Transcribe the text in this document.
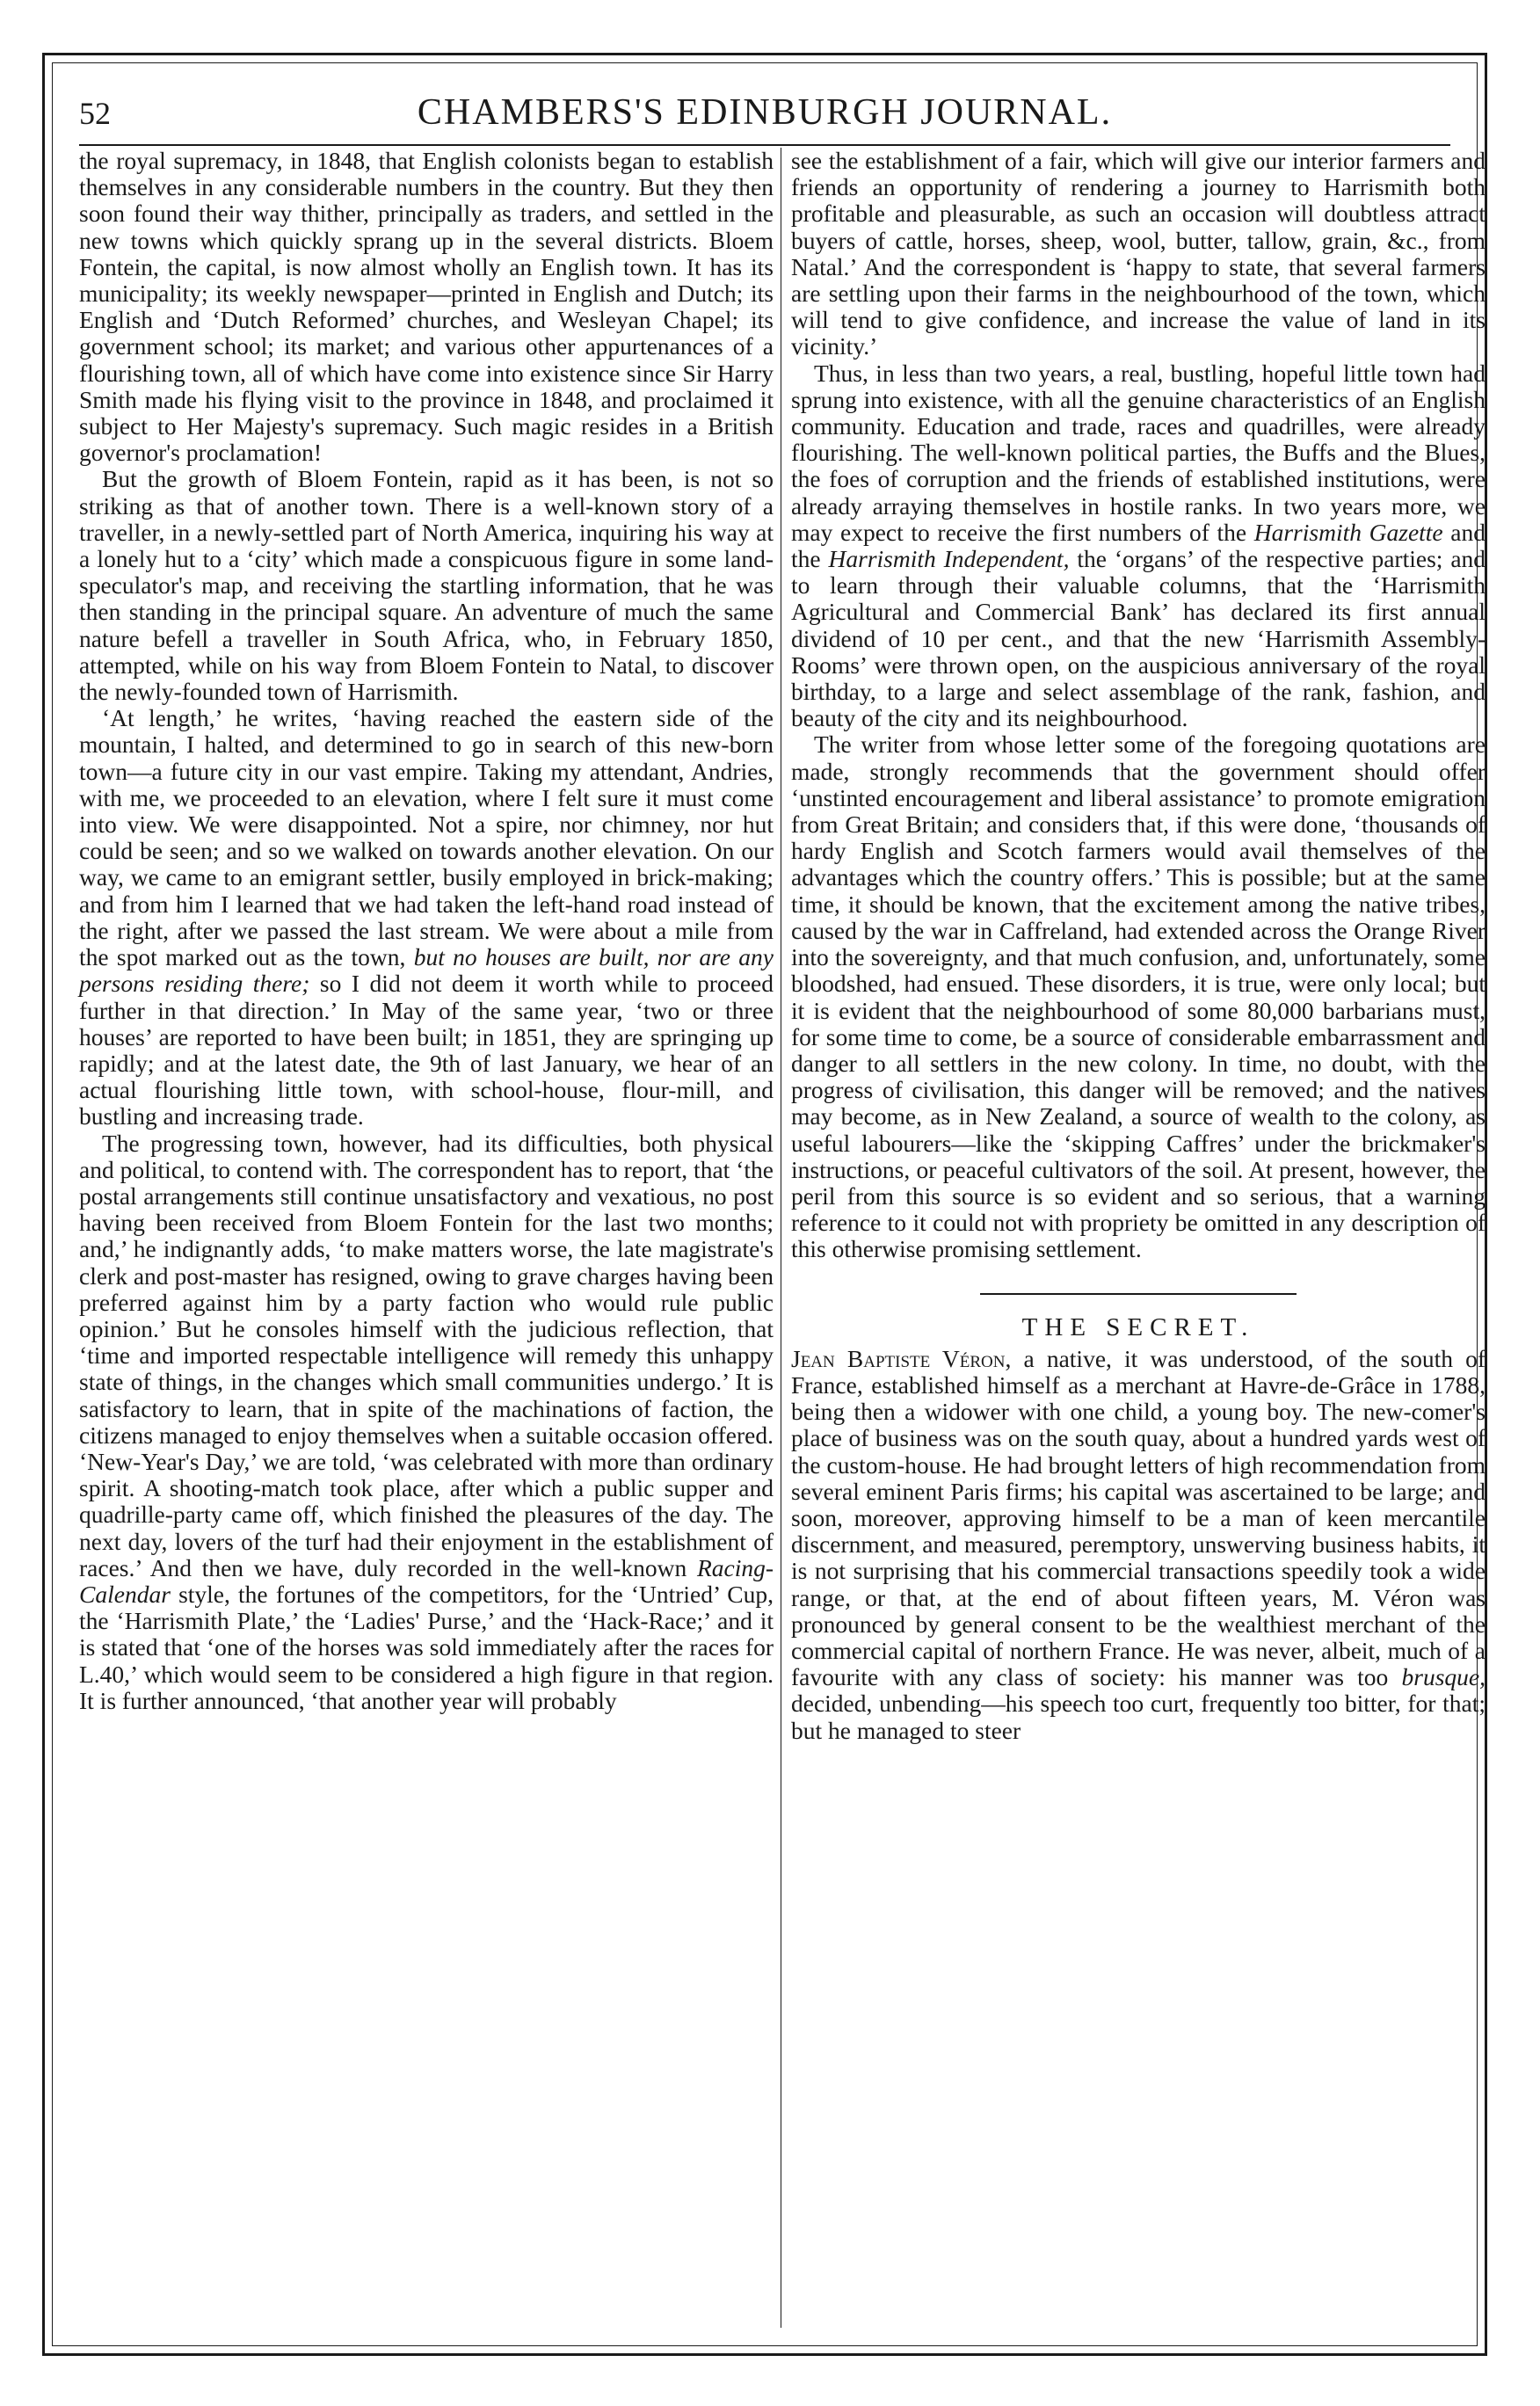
52	CHAMBERS'S EDINBURGH JOURNAL.

the royal supremacy, in 1848, that English colonists began to establish themselves in any considerable numbers in the country. But they then soon found their way thither, principally as traders, and settled in the new towns which quickly sprang up in the several districts. Bloem Fontein, the capital, is now almost wholly an English town. It has its municipality; its weekly newspaper—printed in English and Dutch; its English and ‘Dutch Reformed’ churches, and Wesleyan Chapel; its government school; its market; and various other appurtenances of a flourishing town, all of which have come into existence since Sir Harry Smith made his flying visit to the province in 1848, and proclaimed it subject to Her Majesty's supremacy. Such magic resides in a British governor's proclamation!

But the growth of Bloem Fontein, rapid as it has been, is not so striking as that of another town. There is a well-known story of a traveller, in a newly-settled part of North America, inquiring his way at a lonely hut to a ‘city’ which made a conspicuous figure in some land-speculator's map, and receiving the startling information, that he was then standing in the principal square. An adventure of much the same nature befell a traveller in South Africa, who, in February 1850, attempted, while on his way from Bloem Fontein to Natal, to discover the newly-founded town of Harrismith.

‘At length,’ he writes, ‘having reached the eastern side of the mountain, I halted, and determined to go in search of this new-born town—a future city in our vast empire. Taking my attendant, Andries, with me, we proceeded to an elevation, where I felt sure it must come into view. We were disappointed. Not a spire, nor chimney, nor hut could be seen; and so we walked on towards another elevation. On our way, we came to an emigrant settler, busily employed in brick-making; and from him I learned that we had taken the left-hand road instead of the right, after we passed the last stream. We were about a mile from the spot marked out as the town, but no houses are built, nor are any persons residing there; so I did not deem it worth while to proceed further in that direction.’ In May of the same year, ‘two or three houses’ are reported to have been built; in 1851, they are springing up rapidly; and at the latest date, the 9th of last January, we hear of an actual flourishing little town, with school-house, flour-mill, and bustling and increasing trade.

The progressing town, however, had its difficulties, both physical and political, to contend with. The correspondent has to report, that ‘the postal arrangements still continue unsatisfactory and vexatious, no post having been received from Bloem Fontein for the last two months; and,’ he indignantly adds, ‘to make matters worse, the late magistrate's clerk and post-master has resigned, owing to grave charges having been preferred against him by a party faction who would rule public opinion.’ But he consoles himself with the judicious reflection, that ‘time and imported respectable intelligence will remedy this unhappy state of things, in the changes which small communities undergo.’ It is satisfactory to learn, that in spite of the machinations of faction, the citizens managed to enjoy themselves when a suitable occasion offered. ‘New-Year's Day,’ we are told, ‘was celebrated with more than ordinary spirit. A shooting-match took place, after which a public supper and quadrille-party came off, which finished the pleasures of the day. The next day, lovers of the turf had their enjoyment in the establishment of races.’ And then we have, duly recorded in the well-known Racing-Calendar style, the fortunes of the competitors, for the ‘Untried’ Cup, the ‘Harrismith Plate,’ the ‘Ladies' Purse,’ and the ‘Hack-Race;’ and it is stated that ‘one of the horses was sold immediately after the races for L.40,’ which would seem to be considered a high figure in that region. It is further announced, ‘that another year will probably

see the establishment of a fair, which will give our interior farmers and friends an opportunity of rendering a journey to Harrismith both profitable and pleasurable, as such an occasion will doubtless attract buyers of cattle, horses, sheep, wool, butter, tallow, grain, &c., from Natal.’ And the correspondent is ‘happy to state, that several farmers are settling upon their farms in the neighbourhood of the town, which will tend to give confidence, and increase the value of land in its vicinity.’

Thus, in less than two years, a real, bustling, hopeful little town had sprung into existence, with all the genuine characteristics of an English community. Education and trade, races and quadrilles, were already flourishing. The well-known political parties, the Buffs and the Blues, the foes of corruption and the friends of established institutions, were already arraying themselves in hostile ranks. In two years more, we may expect to receive the first numbers of the Harrismith Gazette and the Harrismith Independent, the ‘organs’ of the respective parties; and to learn through their valuable columns, that the ‘Harrismith Agricultural and Commercial Bank’ has declared its first annual dividend of 10 per cent., and that the new ‘Harrismith Assembly-Rooms’ were thrown open, on the auspicious anniversary of the royal birthday, to a large and select assemblage of the rank, fashion, and beauty of the city and its neighbourhood.

The writer from whose letter some of the foregoing quotations are made, strongly recommends that the government should offer ‘unstinted encouragement and liberal assistance’ to promote emigration from Great Britain; and considers that, if this were done, ‘thousands of hardy English and Scotch farmers would avail themselves of the advantages which the country offers.’ This is possible; but at the same time, it should be known, that the excitement among the native tribes, caused by the war in Caffreland, had extended across the Orange River into the sovereignty, and that much confusion, and, unfortunately, some bloodshed, had ensued. These disorders, it is true, were only local; but it is evident that the neighbourhood of some 80,000 barbarians must, for some time to come, be a source of considerable embarrassment and danger to all settlers in the new colony. In time, no doubt, with the progress of civilisation, this danger will be removed; and the natives may become, as in New Zealand, a source of wealth to the colony, as useful labourers—like the ‘skipping Caffres’ under the brickmaker's instructions, or peaceful cultivators of the soil. At present, however, the peril from this source is so evident and so serious, that a warning reference to it could not with propriety be omitted in any description of this otherwise promising settlement.

THE SECRET.

Jean Baptiste Véron, a native, it was understood, of the south of France, established himself as a merchant at Havre-de-Grâce in 1788, being then a widower with one child, a young boy. The new-comer's place of business was on the south quay, about a hundred yards west of the custom-house. He had brought letters of high recommendation from several eminent Paris firms; his capital was ascertained to be large; and soon, moreover, approving himself to be a man of keen mercantile discernment, and measured, peremptory, unswerving business habits, it is not surprising that his commercial transactions speedily took a wide range, or that, at the end of about fifteen years, M. Véron was pronounced by general consent to be the wealthiest merchant of the commercial capital of northern France. He was never, albeit, much of a favourite with any class of society: his manner was too brusque, decided, unbending—his speech too curt, frequently too bitter, for that; but he managed to steer
